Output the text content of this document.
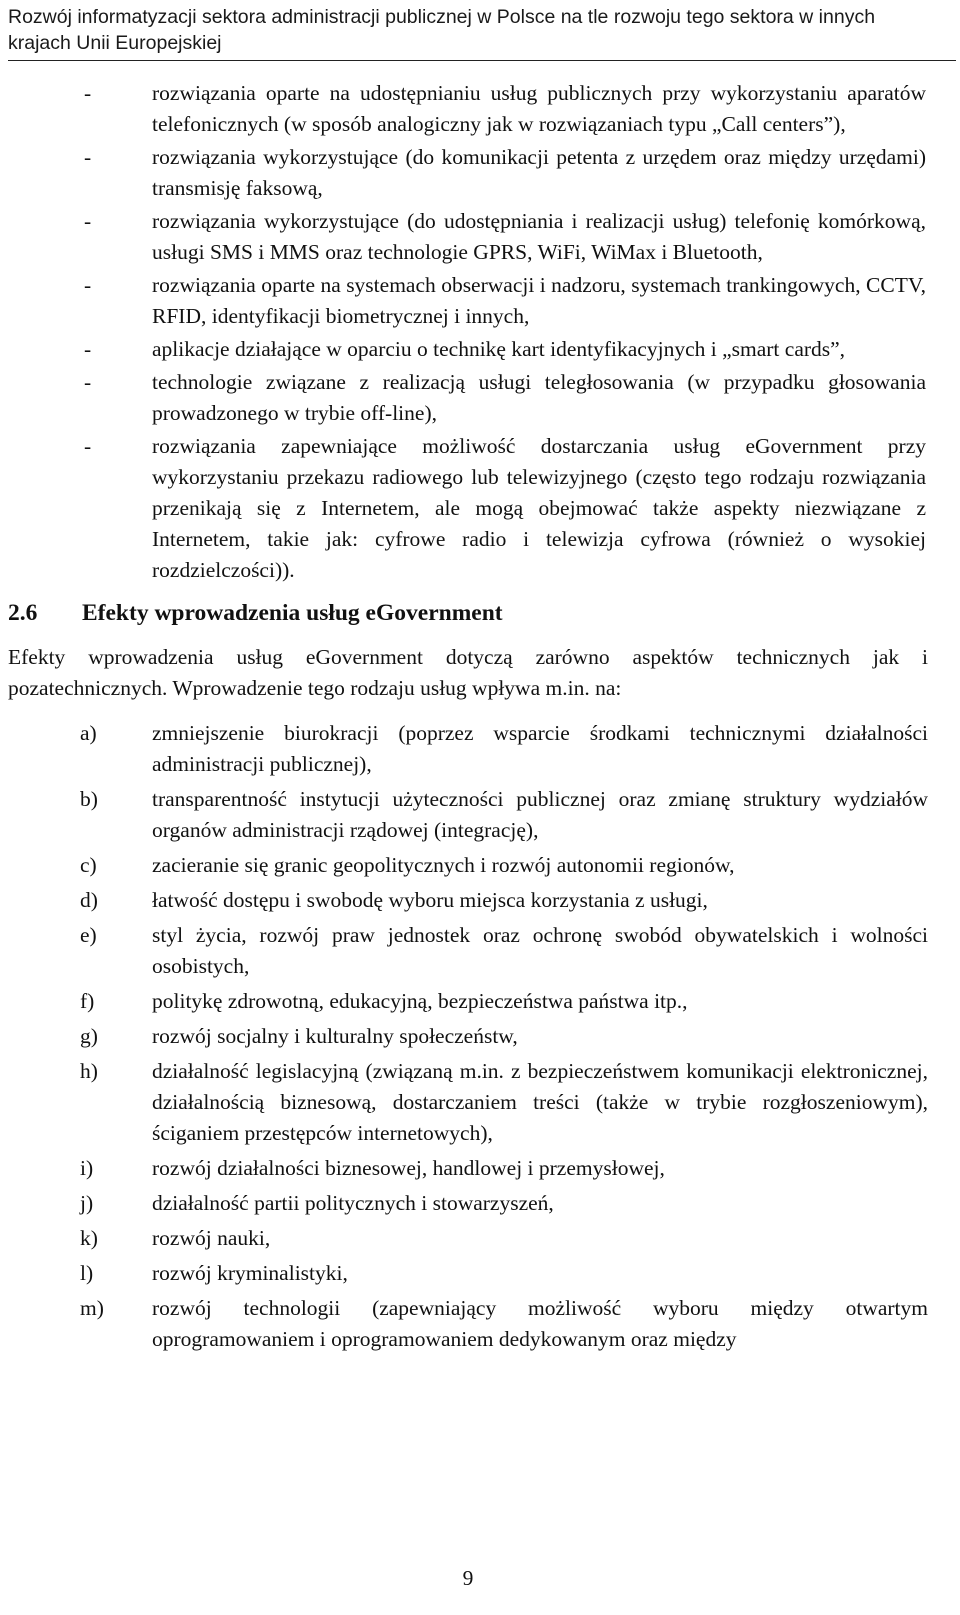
Rozwój informatyzacji sektora administracji publicznej w Polsce na tle rozwoju tego sektora w innych krajach Unii Europejskiej
-	rozwiązania oparte na udostępnianiu usług publicznych przy wykorzystaniu aparatów telefonicznych (w sposób analogiczny jak w rozwiązaniach typu „Call centers”),
-	rozwiązania wykorzystujące (do komunikacji petenta z urzędem oraz między urzędami) transmisję faksową,
-	rozwiązania wykorzystujące (do udostępniania i realizacji usług) telefonię komórkową, usługi SMS i MMS oraz technologie GPRS, WiFi, WiMax i Bluetooth,
-	rozwiązania oparte na systemach obserwacji i nadzoru, systemach trankingowych, CCTV, RFID, identyfikacji biometrycznej i innych,
-	aplikacje działające w oparciu o technikę kart identyfikacyjnych i „smart cards”,
-	technologie związane z realizacją usługi teległosowania (w przypadku głosowania prowadzonego w trybie off-line),
-	rozwiązania zapewniające możliwość dostarczania usług eGovernment przy wykorzystaniu przekazu radiowego lub telewizyjnego (często tego rodzaju rozwiązania przenikają się z Internetem, ale mogą obejmować także aspekty niezwiązane z Internetem, takie jak: cyfrowe radio i telewizja cyfrowa (również o wysokiej rozdzielczości)).
2.6 Efekty wprowadzenia usług eGovernment

Efekty wprowadzenia usług eGovernment dotyczą zarówno aspektów technicznych jak i pozatechnicznych. Wprowadzenie tego rodzaju usług wpływa m.in. na:

a)	zmniejszenie biurokracji (poprzez wsparcie środkami technicznymi działalności administracji publicznej),
b)	transparentność instytucji użyteczności publicznej oraz zmianę struktury wydziałów organów administracji rządowej (integrację),
c)	zacieranie się granic geopolitycznych i rozwój autonomii regionów,
d)	łatwość dostępu i swobodę wyboru miejsca korzystania z usługi,
e)	styl życia, rozwój praw jednostek oraz ochronę swobód obywatelskich i wolności osobistych,
f)	politykę zdrowotną, edukacyjną, bezpieczeństwa państwa itp.,
g)	rozwój socjalny i kulturalny społeczeństw,
h)	działalność legislacyjną (związaną m.in. z bezpieczeństwem komunikacji elektronicznej, działalnością biznesową, dostarczaniem treści (także w trybie rozgłoszeniowym), ściganiem przestępców internetowych),
i)	rozwój działalności biznesowej, handlowej i przemysłowej,
j)	działalność partii politycznych i stowarzyszeń,
k)	rozwój nauki,
l)	rozwój kryminalistyki,
m) rozwój technologii (zapewniający możliwość wyboru między otwartym oprogramowaniem i oprogramowaniem dedykowanym oraz między
9
